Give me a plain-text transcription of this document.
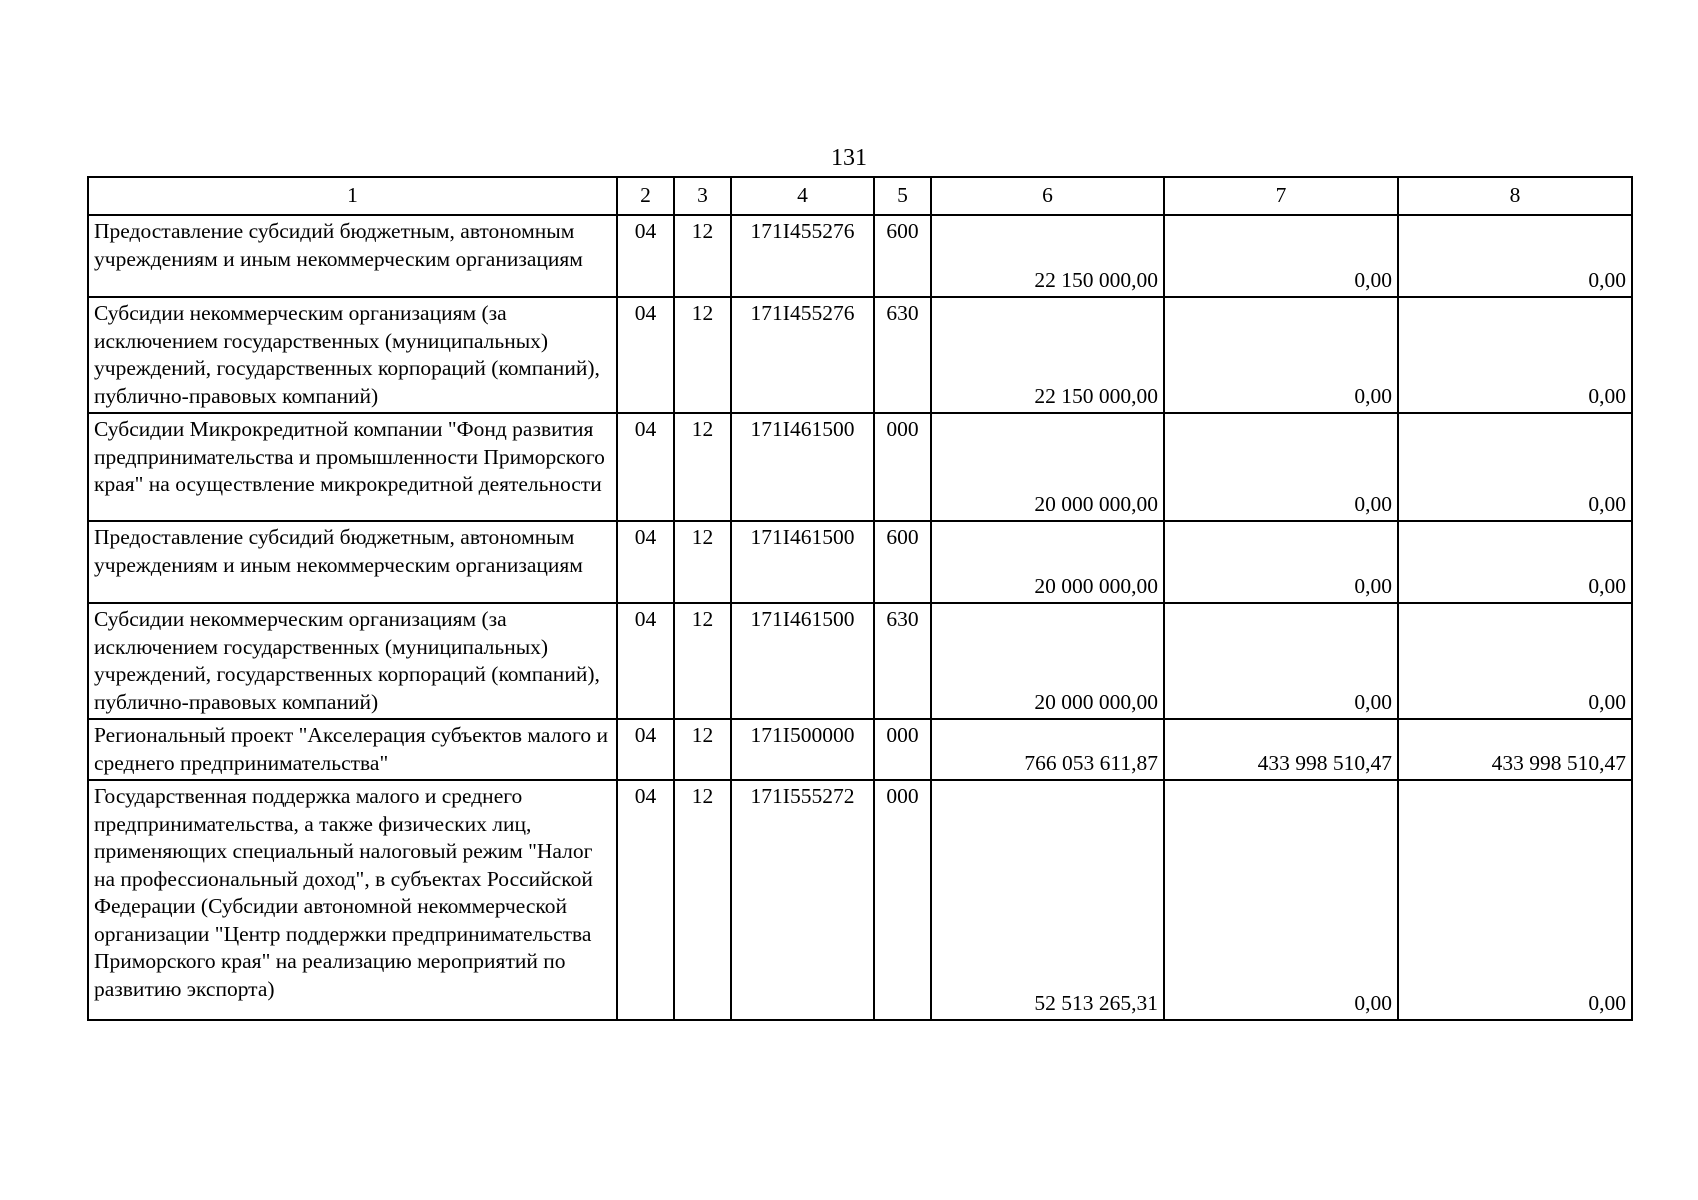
131
1	2	3	4	5	6	7	8
Предоставление субсидий бюджетным, автономным учреждениям и иным некоммерческим организациям	04	12	171I455276	600	22 150 000,00	0,00	0,00
Субсидии некоммерческим организациям (за исключением государственных (муниципальных) учреждений, государственных корпораций (компаний), публично-правовых компаний)	04	12	171I455276	630	22 150 000,00	0,00	0,00
Субсидии Микрокредитной компании "Фонд развития предпринимательства и промышленности Приморского края" на осуществление микрокредитной деятельности	04	12	171I461500	000	20 000 000,00	0,00	0,00
Предоставление субсидий бюджетным, автономным учреждениям и иным некоммерческим организациям	04	12	171I461500	600	20 000 000,00	0,00	0,00
Субсидии некоммерческим организациям (за исключением государственных (муниципальных) учреждений, государственных корпораций (компаний), публично-правовых компаний)	04	12	171I461500	630	20 000 000,00	0,00	0,00
Региональный проект "Акселерация субъектов малого и среднего предпринимательства"	04	12	171I500000	000	766 053 611,87	433 998 510,47	433 998 510,47
Государственная поддержка малого и среднего предпринимательства, а также физических лиц, применяющих специальный налоговый режим "Налог на профессиональный доход", в субъектах Российской Федерации (Субсидии автономной некоммерческой организации "Центр поддержки предпринимательства Приморского края" на реализацию мероприятий по развитию экспорта)	04	12	171I555272	000	52 513 265,31	0,00	0,00
